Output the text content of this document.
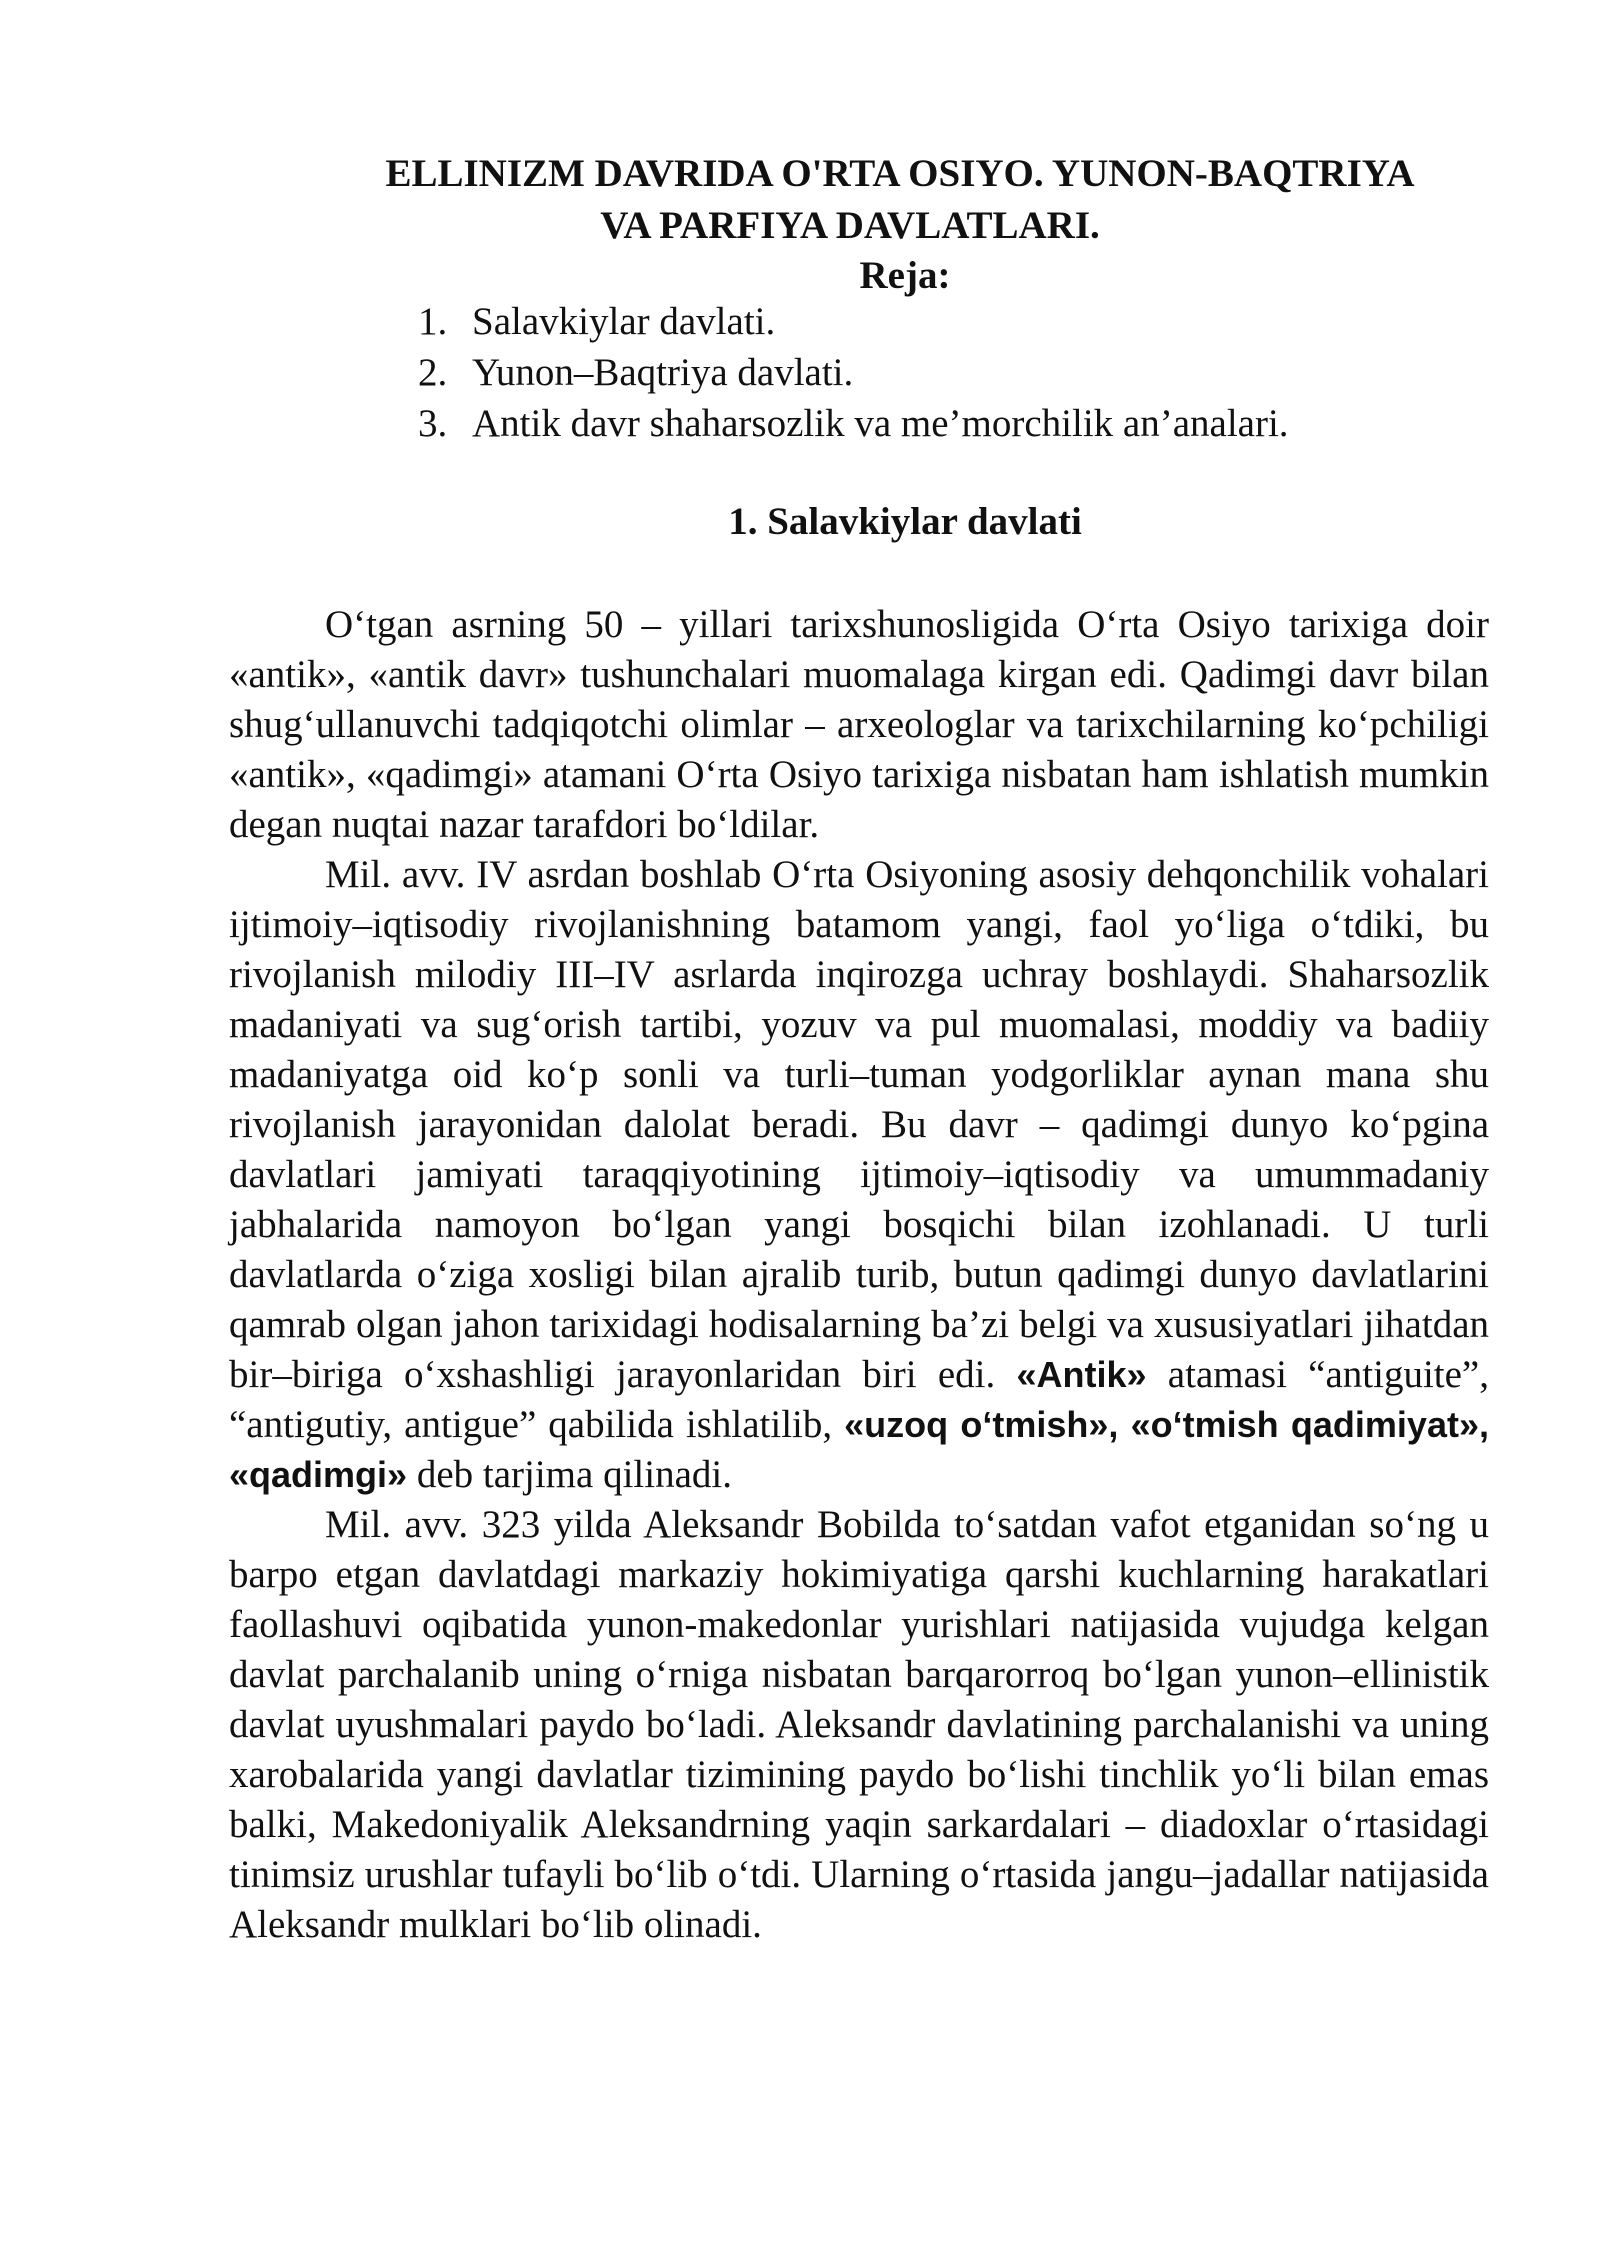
ELLINIZM DAVRIDA O'RTA OSIYO. YUNON-BAQTRIYA
VA PARFIYA DAVLATLARI.
Reja:
1. Salavkiylar davlati.
2. Yunon–Baqtriya davlati.
3. Antik davr shaharsozlik va me’morchilik an’analari.
1. Salavkiylar davlati

O‘tgan asrning 50 – yillari tarixshunosligida O‘rta Osiyo tarixiga doir «antik», «antik davr» tushunchalari muomalaga kirgan edi. Qadimgi davr bilan shug‘ullanuvchi tadqiqotchi olimlar – arxeologlar va tarixchilarning ko‘pchiligi «antik», «qadimgi» atamani O‘rta Osiyo tarixiga nisbatan ham ishlatish mumkin degan nuqtai nazar tarafdori bo‘ldilar.

Mil. avv. IV asrdan boshlab O‘rta Osiyoning asosiy dehqonchilik vohalari ijtimoiy–iqtisodiy rivojlanishning batamom yangi, faol yo‘liga o‘tdiki, bu rivojlanish milodiy III–IV asrlarda inqirozga uchray boshlaydi. Shaharsozlik madaniyati va sug‘orish tartibi, yozuv va pul muomalasi, moddiy va badiiy madaniyatga oid ko‘p sonli va turli–tuman yodgorliklar aynan mana shu rivojlanish jarayonidan dalolat beradi. Bu davr – qadimgi dunyo ko‘pgina davlatlari jamiyati taraqqiyotining ijtimoiy–iqtisodiy va umummadaniy jabhalarida namoyon bo‘lgan yangi bosqichi bilan izohlanadi. U turli davlatlarda o‘ziga xosligi bilan ajralib turib, butun qadimgi dunyo davlatlarini qamrab olgan jahon tarixidagi hodisalarning ba’zi belgi va xususiyatlari jihatdan bir–biriga o‘xshashligi jarayonlaridan biri edi. «Antik» atamasi “antiguite”, “antigutiy, antigue” qabilida ishlatilib, «uzoq o‘tmish», «o‘tmish qadimiyat», «qadimgi» deb tarjima qilinadi.

Mil. avv. 323 yilda Aleksandr Bobilda to‘satdan vafot etganidan so‘ng u barpo etgan davlatdagi markaziy hokimiyatiga qarshi kuchlarning harakatlari faollashuvi oqibatida yunon-makedonlar yurishlari natijasida vujudga kelgan davlat parchalanib uning o‘rniga nisbatan barqarorroq bo‘lgan yunon–ellinistik davlat uyushmalari paydo bo‘ladi. Aleksandr davlatining parchalanishi va uning xarobalarida yangi davlatlar tizimining paydo bo‘lishi tinchlik yo‘li bilan emas balki, Makedoniyalik Aleksandrning yaqin sarkardalari – diadoxlar o‘rtasidagi tinimsiz urushlar tufayli bo‘lib o‘tdi. Ularning o‘rtasida jangu–jadallar natijasida Aleksandr mulklari bo‘lib olinadi.
